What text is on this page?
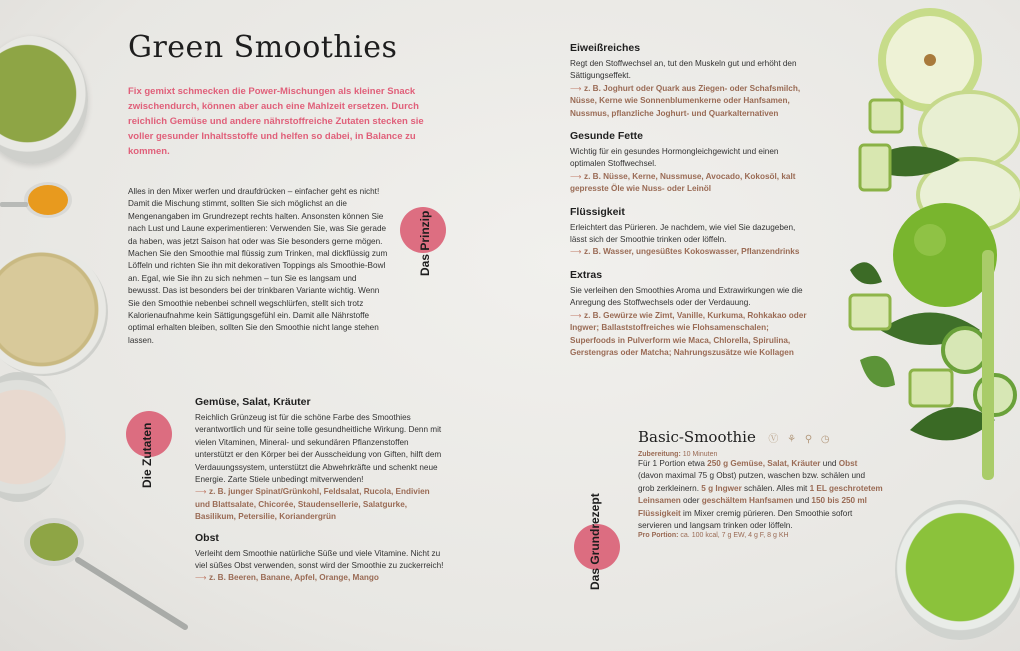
Green Smoothies

Fix gemixt schmecken die Power-Mischungen als kleiner Snack zwischendurch, können aber auch eine Mahlzeit ersetzen. Durch reichlich Gemüse und andere nährstoffreiche Zutaten stecken sie voller gesunder Inhaltsstoffe und helfen so dabei, in Balance zu kommen.

Das Prinzip

Alles in den Mixer werfen und draufdrücken – einfacher geht es nicht! Damit die Mischung stimmt, sollten Sie sich möglichst an die Mengenangaben im Grundrezept rechts halten. Ansonsten können Sie nach Lust und Laune experimentieren: Verwenden Sie, was Sie gerade da haben, was jetzt Saison hat oder was Sie besonders gerne mögen. Machen Sie den Smoothie mal flüssig zum Trinken, mal dickflüssig zum Löffeln und richten Sie ihn mit dekorativen Toppings als Smoothie-Bowl an. Egal, wie Sie ihn zu sich nehmen – tun Sie es langsam und bewusst. Das ist besonders bei der trinkbaren Variante wichtig. Wenn Sie den Smoothie nebenbei schnell wegschlürfen, stellt sich trotz Kalorienaufnahme kein Sättigungsgefühl ein. Damit alle Nährstoffe optimal erhalten bleiben, sollten Sie den Smoothie nicht lange stehen lassen.

Die Zutaten

Gemüse, Salat, Kräuter

Reichlich Grünzeug ist für die schöne Farbe des Smoothies verantwortlich und für seine tolle gesundheitliche Wirkung. Denn mit vielen Vitaminen, Mineral- und sekundären Pflanzenstoffen unterstützt er den Körper bei der Ausscheidung von Giften, hilft dem Verdauungssystem, unterstützt die Abwehrkräfte und schenkt neue Energie. Zarte Stiele unbedingt mitverwenden!

⟶ z. B. junger Spinat/Grünkohl, Feldsalat, Rucola, Endivien und Blattsalate, Chicorée, Staudensellerie, Salatgurke, Basilikum, Petersilie, Koriandergrün

Obst

Verleiht dem Smoothie natürliche Süße und viele Vitamine. Nicht zu viel süßes Obst verwenden, sonst wird der Smoothie zu zuckerreich!

⟶ z. B. Beeren, Banane, Apfel, Orange, Mango

Eiweißreiches

Regt den Stoffwechsel an, tut den Muskeln gut und erhöht den Sättigungseffekt.

⟶ z. B. Joghurt oder Quark aus Ziegen- oder Schafsmilch, Nüsse, Kerne wie Sonnenblumenkerne oder Hanfsamen, Nussmus, pflanzliche Joghurt- und Quarkalternativen

Gesunde Fette

Wichtig für ein gesundes Hormongleichgewicht und einen optimalen Stoffwechsel.

⟶ z. B. Nüsse, Kerne, Nussmuse, Avocado, Kokosöl, kalt gepresste Öle wie Nuss- oder Leinöl

Flüssigkeit

Erleichtert das Pürieren. Je nachdem, wie viel Sie dazugeben, lässt sich der Smoothie trinken oder löffeln.

⟶ z. B. Wasser, ungesüßtes Kokoswasser, Pflanzendrinks

Extras

Sie verleihen den Smoothies Aroma und Extrawirkungen wie die Anregung des Stoffwechsels oder der Verdauung.

⟶ z. B. Gewürze wie Zimt, Vanille, Kurkuma, Rohkakao oder Ingwer; Ballaststoffreiches wie Flohsamenschalen; Superfoods in Pulverform wie Maca, Chlorella, Spirulina, Gerstengras oder Matcha; Nahrungszusätze wie Kollagen

Das Grundrezept

Basic-Smoothie Ⓥ ⚘ ⚲ ◷

Zubereitung: 10 Minuten

Für 1 Portion etwa 250 g Gemüse, Salat, Kräuter und Obst (davon maximal 75 g Obst) putzen, waschen bzw. schälen und grob zerkleinern. 5 g Ingwer schälen. Alles mit 1 EL geschrotetem Leinsamen oder geschältem Hanfsamen und 150 bis 250 ml Flüssigkeit im Mixer cremig pürieren. Den Smoothie sofort servieren und langsam trinken oder löffeln.

Pro Portion: ca. 100 kcal, 7 g EW, 4 g F, 8 g KH
